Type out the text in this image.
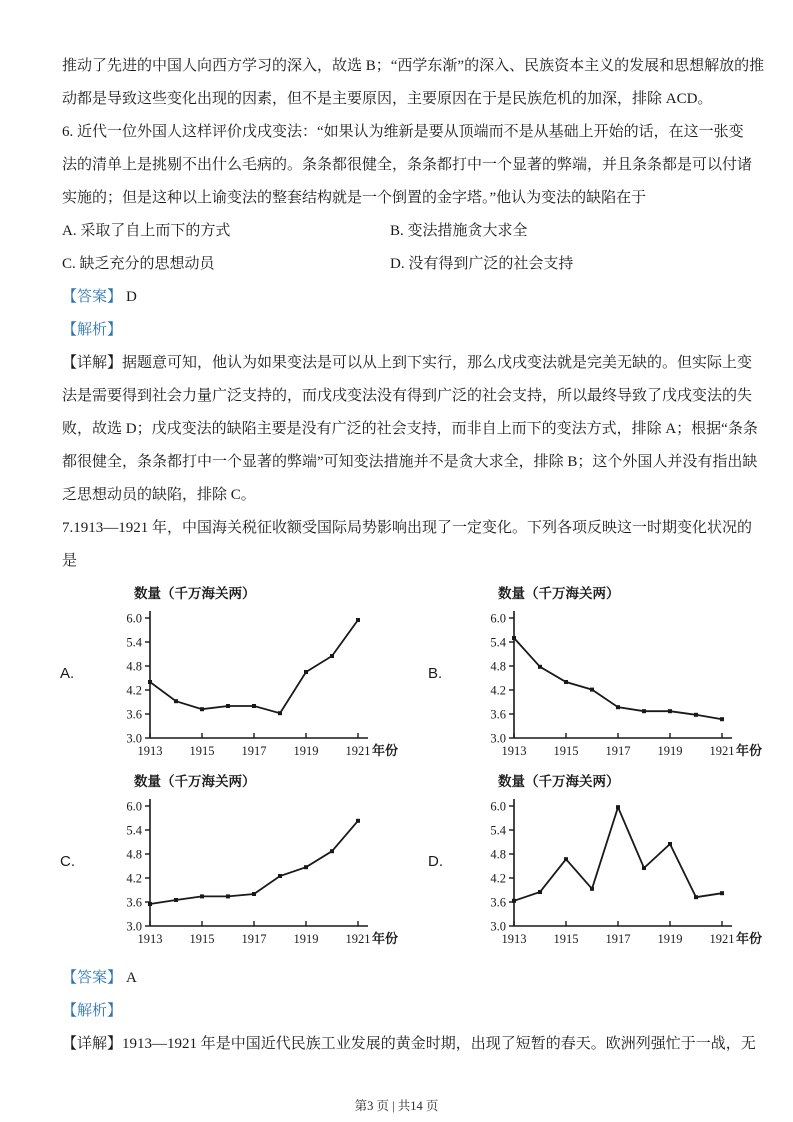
推动了先进的中国人向西方学习的深入，故选 B；“西学东渐”的深入、民族资本主义的发展和思想解放的推
动都是导致这些变化出现的因素，但不是主要原因，主要原因在于是民族危机的加深，排除 ACD。
6. 近代一位外国人这样评价戊戌变法：“如果认为维新是要从顶端而不是从基础上开始的话，在这一张变
法的清单上是挑剔不出什么毛病的。条条都很健全，条条都打中一个显著的弊端，并且条条都是可以付诸
实施的；但是这种以上谕变法的整套结构就是一个倒置的金字塔。”他认为变法的缺陷在于
A. 采取了自上而下的方式	B. 变法措施贪大求全
C. 缺乏充分的思想动员	D. 没有得到广泛的社会支持
【答案】 D
【解析】
【详解】据题意可知，他认为如果变法是可以从上到下实行，那么戊戌变法就是完美无缺的。但实际上变
法是需要得到社会力量广泛支持的，而戊戌变法没有得到广泛的社会支持，所以最终导致了戊戌变法的失
败，故选 D；戊戌变法的缺陷主要是没有广泛的社会支持，而非自上而下的变法方式，排除 A；根据“条条
都很健全，条条都打中一个显著的弊端”可知变法措施并不是贪大求全，排除 B；这个外国人并没有指出缺
乏思想动员的缺陷，排除 C。
7.1913—1921 年，中国海关税征收额受国际局势影响出现了一定变化。下列各项反映这一时期变化状况的
是
A.
数量（千万海关两）
3.0
3.6
4.2
4.8
5.4
6.0
1913 1915 1917 1919 1921 年份
B.
数量（千万海关两）
3.0
3.6
4.2
4.8
5.4
6.0
1913 1915 1917 1919 1921 年份
C.
数量（千万海关两）
3.0
3.6
4.2
4.8
5.4
6.0
1913 1915 1917 1919 1921 年份
D.
数量（千万海关两）
3.0
3.6
4.2
4.8
5.4
6.0
1913 1915 1917 1919 1921 年份
【答案】 A
【解析】
【详解】1913—1921 年是中国近代民族工业发展的黄金时期，出现了短暂的春天。欧洲列强忙于一战，无
第3 页 | 共14 页
